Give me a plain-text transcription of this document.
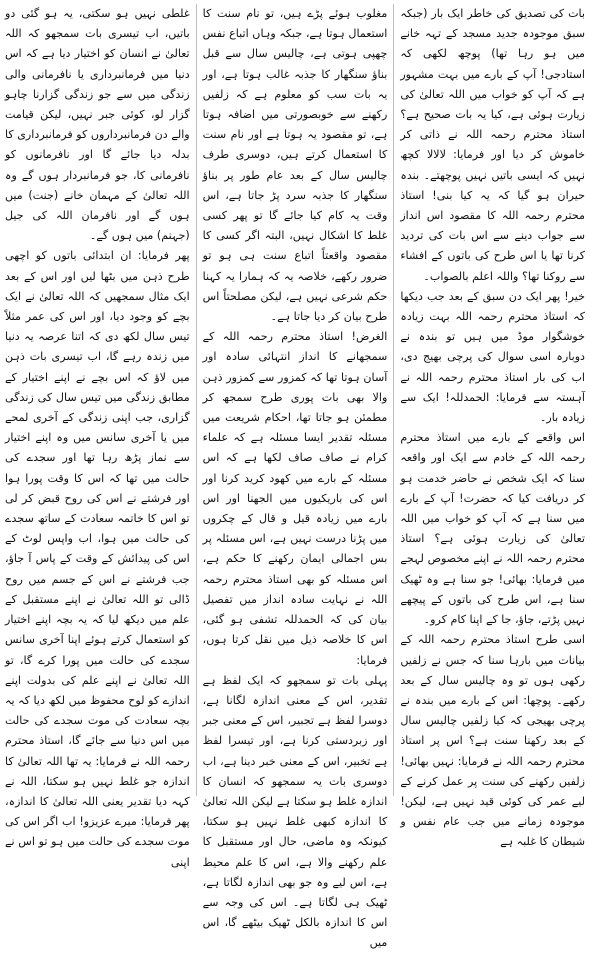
بات کی تصدیق کی خاطر ایک بار (جبکہ سبق موجودہ جدید مسجد کے تہہ خانے میں ہو رہا تھا) پوچھ لکھی کہ استادجی! آپ کے بارے میں بہت مشہور ہے کہ آپ کو خواب میں اللہ تعالیٰ کی زیارت ہوئی ہے، کیا یہ بات صحیح ہے؟ استاذ محترم رحمہ اللہ نے ذاتی کر خاموش کر دیا اور فرمایا: لالالا کچھ نہیں کہ ایسی باتیں نہیں پوچھتے۔ بندہ حیران ہو گیا کہ یہ کیا بنی! استاذ محترم رحمہ اللہ کا مقصود اس انداز سے جواب دینے سے اس بات کی تردید کرنا تھا یا اس طرح کی باتوں کے افشاء سے روکنا تھا؟ واللہ اعلم بالصواب۔

خیر! پھر ایک دن سبق کے بعد جب دیکھا کہ استاذ محترم رحمہ اللہ بہت زیادہ خوشگوار موڈ میں ہیں تو بندہ نے دوبارہ اسی سوال کی پرچی بھیج دی، اب کی بار استاذ محترم رحمہ اللہ نے آہستہ سے فرمایا: الحمدللہ! ایک سے زیادہ بار۔

اس واقعے کے بارے میں استاذ محترم رحمہ اللہ کے خادم سے ایک اور واقعہ سنا کہ ایک شخص نے حاضر خدمت ہو کر دریافت کیا کہ حضرت! آپ کے بارے میں سنا ہے کہ آپ کو خواب میں اللہ تعالیٰ کی زیارت ہوئی ہے؟ استاذ محترم رحمہ اللہ نے اپنے مخصوص لہجے میں فرمایا: بھائی! جو سنا ہے وہ ٹھیک سنا ہے، اس طرح کی باتوں کے پیچھے نہیں پڑتے، جاؤ، جا کے اپنا کام کرو۔

اسی طرح استاذ محترم رحمہ اللہ کے بیانات میں بارہا سنا کہ جس نے زلفیں رکھی ہوں تو وہ چالیس سال کے بعد رکھے۔ پوچھا: اس کے بارے میں بندہ نے پرچی بھیجی کہ کیا زلفیں چالیس سال کے بعد رکھنا سنت ہے؟ اس پر استاذ محترم رحمہ اللہ نے فرمایا: نہیں بھائی! زلفیں رکھنے کی سنت پر عمل کرنے کے لیے عمر کی کوئی قید نہیں ہے، لیکن! موجودہ زمانے میں جب عام نفس و شیطان کا غلبہ ہے

مغلوب ہوئے پڑے ہیں، تو نام سنت کا استعمال ہوتا ہے، جبکہ وہاں اتباع نفس چھپی ہوتی ہے، چالیس سال سے قبل بناؤ سنگھار کا جذبہ غالب ہوتا ہے، اور یہ بات سب کو معلوم ہے کہ زلفیں رکھنے سے خوبصورتی میں اضافہ ہوتا ہے، تو مقصود یہ ہوتا ہے اور نام سنت کا استعمال کرتے ہیں، دوسری طرف چالیس سال کے بعد عام طور پر بناؤ سنگھار کا جذبہ سرد پڑ جاتا ہے، اس وقت یہ کام کیا جائے گا تو پھر کسی غلط کا اشکال نہیں، البتہ اگر کسی کا مقصود واقعتاً اتباع سنت ہی ہو تو ضرور رکھے، خلاصہ یہ کہ ہمارا یہ کہنا حکم شرعی نہیں ہے، لیکن مصلحتاً اس طرح بیان کر دیا جاتا ہے۔

الغرض! استاذ محترم رحمہ اللہ کے سمجھانے کا انداز انتہائی سادہ اور آسان ہوتا تھا کہ کمزور سے کمزور ذہن والا بھی بات پوری طرح سمجھ کر مطمئن ہو جاتا تھا، احکام شریعت میں مسئلہ تقدیر ایسا مسئلہ ہے کہ علماء کرام نے صاف صاف لکھا ہے کہ اس مسئلہ کے بارے میں کھود کرید کرنا اور اس کی باریکیوں میں الجھنا اور اس بارے میں زیادہ قیل و قال کے چکروں میں پڑنا درست نہیں ہے، اس مسئلہ پر بس اجمالی ایمان رکھنے کا حکم ہے، اس مسئلہ کو بھی استاذ محترم رحمہ اللہ نے نہایت سادہ انداز میں تفصیل بیان کی کہ الحمدللہ تشفی ہو گئی، اس کا خلاصہ ذیل میں نقل کرتا ہوں، فرمایا:

پہلی بات تو سمجھو کہ ایک لفظ ہے تقدیر، اس کے معنی اندازہ لگانا ہے، دوسرا لفظ ہے تجبیر، اس کے معنی جبر اور زبردستی کرنا ہے، اور تیسرا لفظ ہے تخبیر، اس کے معنی خبر دینا ہے، اب دوسری بات یہ سمجھو کہ انسان کا اندازہ غلط ہو سکتا ہے لیکن اللہ تعالیٰ کا اندازہ کبھی غلط نہیں ہو سکتا، کیونکہ وہ ماضی، حال اور مستقبل کا علم رکھنے والا ہے، اس کا علم محیط ہے، اس لیے وہ جو بھی اندازہ لگاتا ہے، ٹھیک ہی لگاتا ہے۔ اس کی وجہ سے اس کا اندازہ بالکل ٹھیک بیٹھے گا، اس میں

غلطی نہیں ہو سکتی، یہ ہو گئی دو باتیں، اب تیسری بات سمجھو کہ اللہ تعالیٰ نے انسان کو اختیار دیا ہے کہ اس دنیا میں فرمانبرداری یا نافرمانی والی زندگی میں سے جو زندگی گزارنا چاہو گزار لو، کوئی جبر نہیں، لیکن قیامت والے دن فرمانبرداروں کو فرمانبرداری کا بدلہ دیا جائے گا اور نافرمانوں کو نافرمانی کا، جو فرمانبردار ہوں گے وہ اللہ تعالیٰ کے مہمان خانے (جنت) میں ہوں گے اور نافرمان اللہ کی جیل (جہنم) میں ہوں گے۔

پھر فرمایا: ان ابتدائی باتوں کو اچھی طرح ذہن میں بٹھا لیں اور اس کے بعد ایک مثال سمجھیں کہ اللہ تعالیٰ نے ایک بچے کو وجود دیا، اور اس کی عمر مثلاً تیس سال لکھ دی کہ اتنا عرصہ یہ دنیا میں زندہ رہے گا، اب تیسری بات ذہن میں لاؤ کہ اس بچے نے اپنے اختیار کے مطابق زندگی میں تیس سال کی زندگی گزاری، جب اپنی زندگی کے آخری لمحے میں یا آخری سانس میں وہ اپنے اختیار سے نماز پڑھ رہا تھا اور سجدے کی حالت میں تھا کہ اس کا وقت پورا ہوا اور فرشتے نے اس کی روح قبض کر لی تو اس کا خاتمہ سعادت کے ساتھ سجدے کی حالت میں ہوا، اب واپس لوٹ کے اس کی پیدائش کے وقت کے پاس آ جاؤ، جب فرشتے نے اس کے جسم میں روح ڈالی تو اللہ تعالیٰ نے اپنے مستقبل کے علم میں دیکھ لیا کہ یہ بچہ اپنے اختیار کو استعمال کرتے ہوئے اپنا آخری سانس سجدے کی حالت میں پورا کرے گا، تو اللہ تعالیٰ نے اپنے علم کی بدولت اپنے اندازے کو لوح محفوظ میں لکھ دیا کہ یہ بچہ سعادت کی موت سجدے کی حالت میں اس دنیا سے جائے گا، استاذ محترم رحمہ اللہ نے فرمایا: یہ تھا اللہ تعالیٰ کا اندازہ جو غلط نہیں ہو سکتا، اللہ نے کہہ دیا تقدیر یعنی اللہ تعالیٰ کا اندازہ، پھر فرمایا: میرے عزیزو! اب اگر اس کی موت سجدے کی حالت میں ہو تو اس نے اپنی
